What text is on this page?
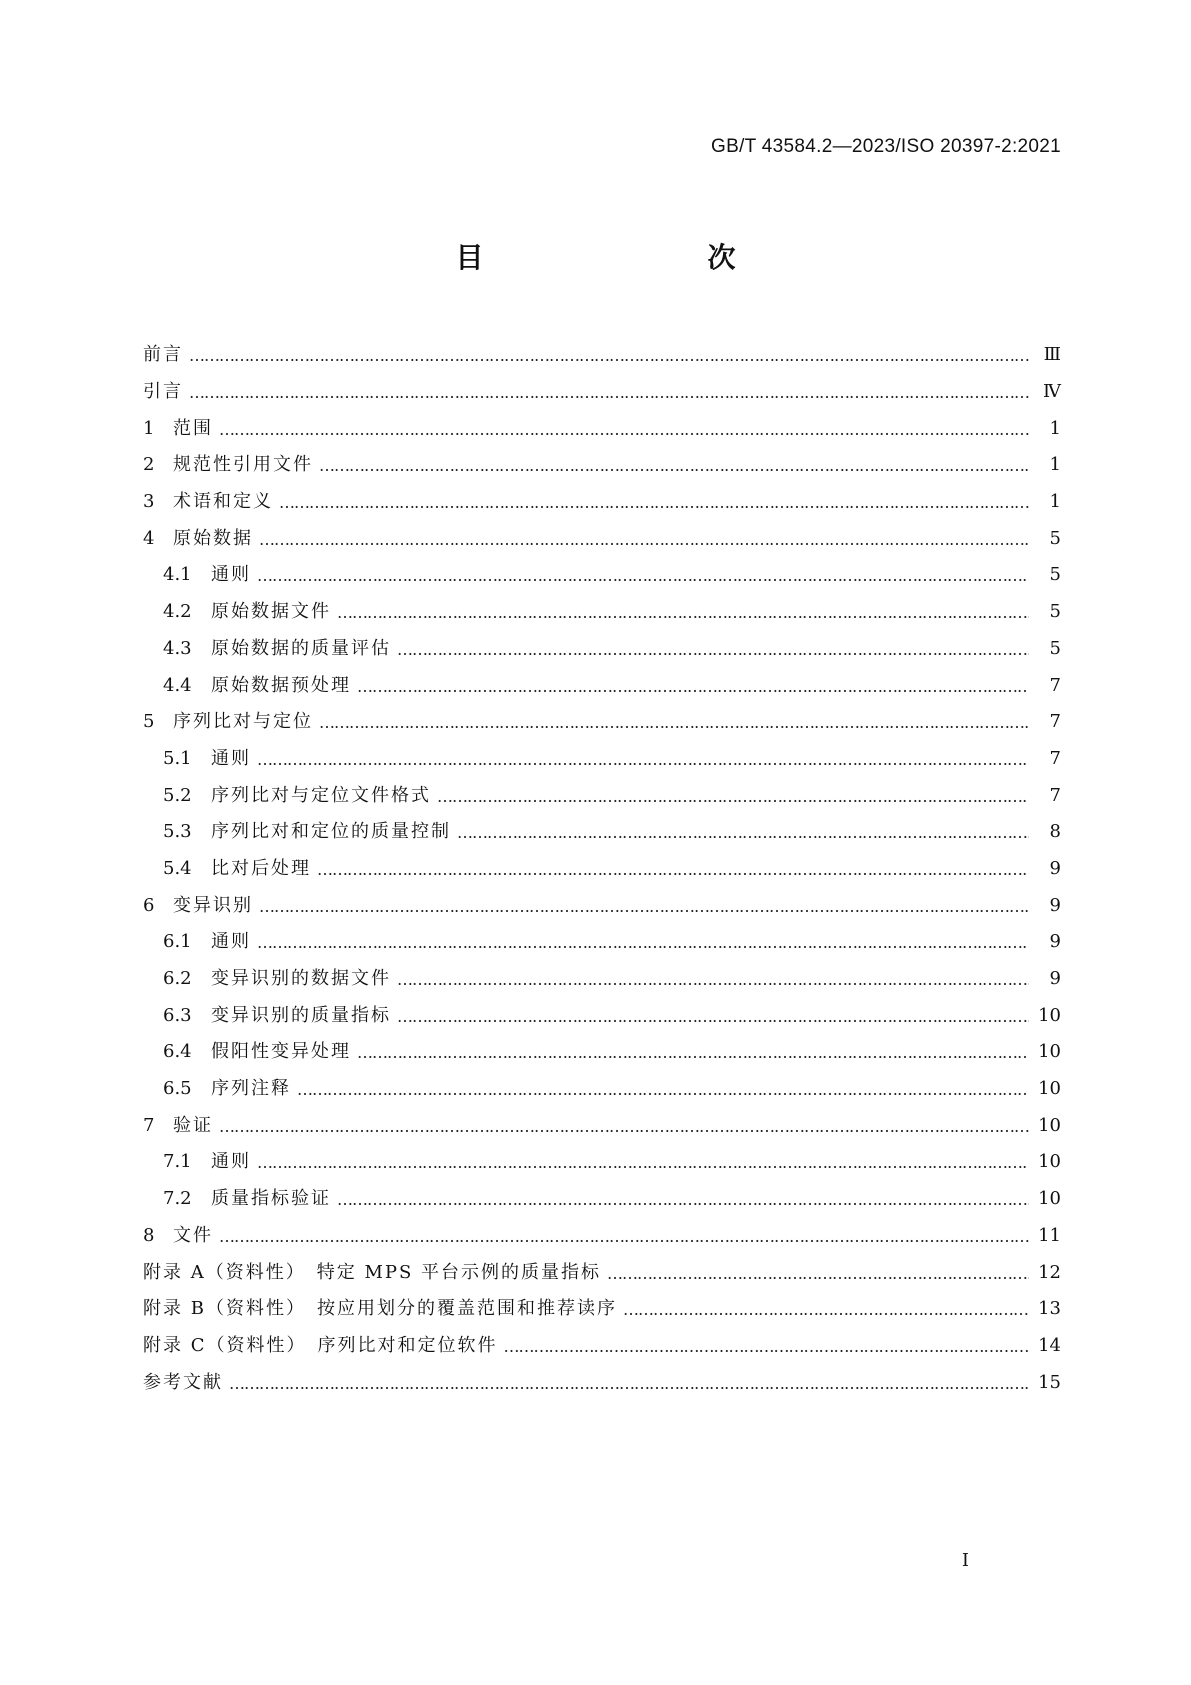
GB/T 43584.2—2023/ISO 20397-2:2021
目　　次
前言 ……………………………………………………………………………………………………………………………………………………………………………………………………………………………………………………………	Ⅲ
引言 ……………………………………………………………………………………………………………………………………………………………………………………………………………………………………………………………	Ⅳ
1	范围 ……………………………………………………………………………………………………………………………………………………………………………………………………………………………………………………………	1
2	规范性引用文件 ……………………………………………………………………………………………………………………………………………………………………………………………………………………………………………………………	1
3	术语和定义 ……………………………………………………………………………………………………………………………………………………………………………………………………………………………………………………………	1
4	原始数据 ……………………………………………………………………………………………………………………………………………………………………………………………………………………………………………………………	5
4.1	通则 ……………………………………………………………………………………………………………………………………………………………………………………………………………………………………………………………	5
4.2	原始数据文件 ……………………………………………………………………………………………………………………………………………………………………………………………………………………………………………………………	5
4.3	原始数据的质量评估 ……………………………………………………………………………………………………………………………………………………………………………………………………………………………………………………………	5
4.4	原始数据预处理 ……………………………………………………………………………………………………………………………………………………………………………………………………………………………………………………………	7
5	序列比对与定位 ……………………………………………………………………………………………………………………………………………………………………………………………………………………………………………………………	7
5.1	通则 ……………………………………………………………………………………………………………………………………………………………………………………………………………………………………………………………	7
5.2	序列比对与定位文件格式 ……………………………………………………………………………………………………………………………………………………………………………………………………………………………………………………………	7
5.3	序列比对和定位的质量控制 ……………………………………………………………………………………………………………………………………………………………………………………………………………………………………………………………	8
5.4	比对后处理 ……………………………………………………………………………………………………………………………………………………………………………………………………………………………………………………………	9
6	变异识别 ……………………………………………………………………………………………………………………………………………………………………………………………………………………………………………………………	9
6.1	通则 ……………………………………………………………………………………………………………………………………………………………………………………………………………………………………………………………	9
6.2	变异识别的数据文件 ……………………………………………………………………………………………………………………………………………………………………………………………………………………………………………………………	9
6.3	变异识别的质量指标 ……………………………………………………………………………………………………………………………………………………………………………………………………………………………………………………………	10
6.4	假阳性变异处理 ……………………………………………………………………………………………………………………………………………………………………………………………………………………………………………………………	10
6.5	序列注释 ……………………………………………………………………………………………………………………………………………………………………………………………………………………………………………………………	10
7	验证 ……………………………………………………………………………………………………………………………………………………………………………………………………………………………………………………………	10
7.1	通则 ……………………………………………………………………………………………………………………………………………………………………………………………………………………………………………………………	10
7.2	质量指标验证 ……………………………………………………………………………………………………………………………………………………………………………………………………………………………………………………………	10
8	文件 ……………………………………………………………………………………………………………………………………………………………………………………………………………………………………………………………	11
附录 A（资料性）　特定 MPS 平台示例的质量指标 ……………………………………………………………………………………………………………………………………………………………………………………………………………………………………………………………	12
附录 B（资料性）　按应用划分的覆盖范围和推荐读序 ……………………………………………………………………………………………………………………………………………………………………………………………………………………………………………………………	13
附录 C（资料性）　序列比对和定位软件 ……………………………………………………………………………………………………………………………………………………………………………………………………………………………………………………………	14
参考文献 ……………………………………………………………………………………………………………………………………………………………………………………………………………………………………………………………	15
I
